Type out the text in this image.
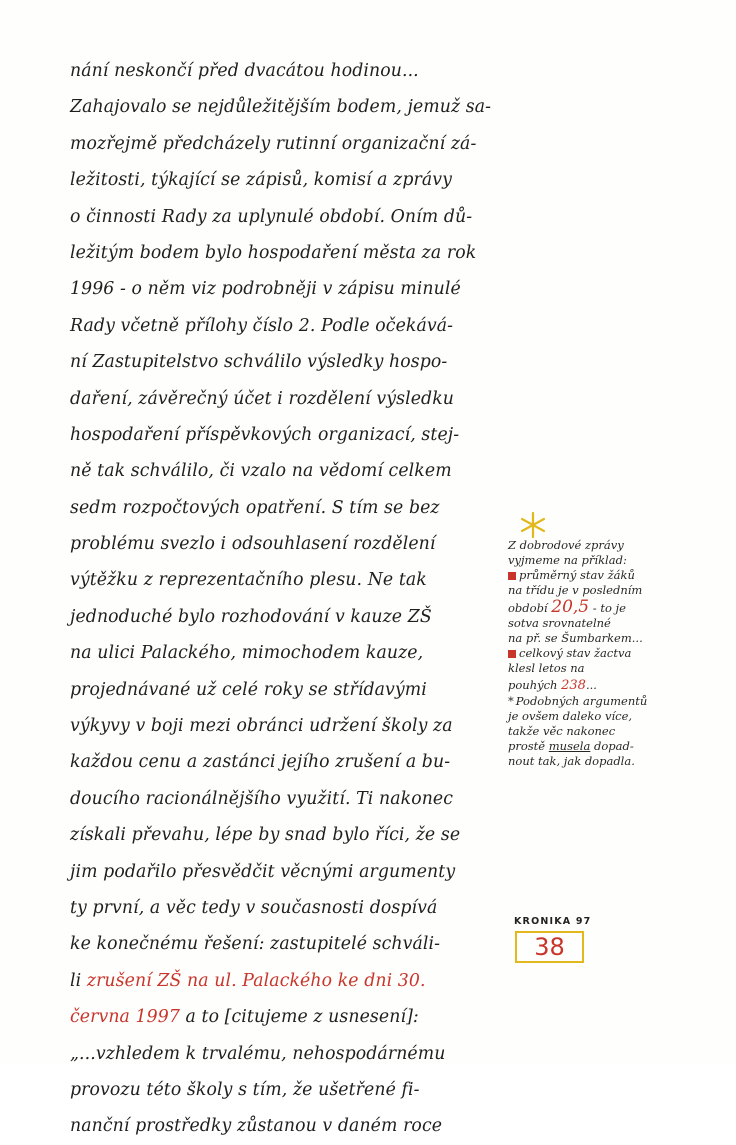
nání neskončí před dvacátou hodinou...
Zahajovalo se nejdůležitějším bodem, jemuž sa-
mozřejmě předcházely rutinní organizační zá-
ležitosti, týkající se zápisů, komisí a zprávy
o činnosti Rady za uplynulé období. Oním dů-
ležitým bodem bylo hospodaření města za rok
1996 - o něm viz podrobněji v zápisu minulé
Rady včetně přílohy číslo 2. Podle očekává-
ní Zastupitelstvo schválilo výsledky hospo-
daření, závěrečný účet i rozdělení výsledku
hospodaření příspěvkových organizací, stej-
ně tak schválilo, či vzalo na vědomí celkem
sedm rozpočtových opatření. S tím se bez
problému svezlo i odsouhlasení rozdělení
výtěžku z reprezentačního plesu. Ne tak
jednoduché bylo rozhodování v kauze ZŠ
na ulici Palackého, mimochodem kauze,
projednávané už celé roky se střídavými
výkyvy v boji mezi obránci udržení školy za
každou cenu a zastánci jejího zrušení a bu-
doucího racionálnějšího využití. Ti nakonec
získali převahu, lépe by snad bylo říci, že se
jim podařilo přesvědčit věcnými argumenty
ty první, a věc tedy v současnosti dospívá
ke konečnému řešení: zastupitelé schváli-
li zrušení ZŠ na ul. Palackého ke dni 30.
června 1997 a to [citujeme z usnesení]:
„...vzhledem k trvalému, nehospodárnému
provozu této školy s tím, že ušetřené fi-
nanční prostředky zůstanou v daném roce
Z dobrodové zprávy
vyjmeme na příklad:
průměrný stav žáků
na třídu je v posledním
období 20,5 - to je
sotva srovnatelné
na př. se Šumbarkem...
celkový stav žactva
klesl letos na
pouhých 238...
* Podobných argumentů
je ovšem daleko více,
takže věc nakonec
prostě musela dopad-
nout tak, jak dopadla.
KRONIKA 97
38
